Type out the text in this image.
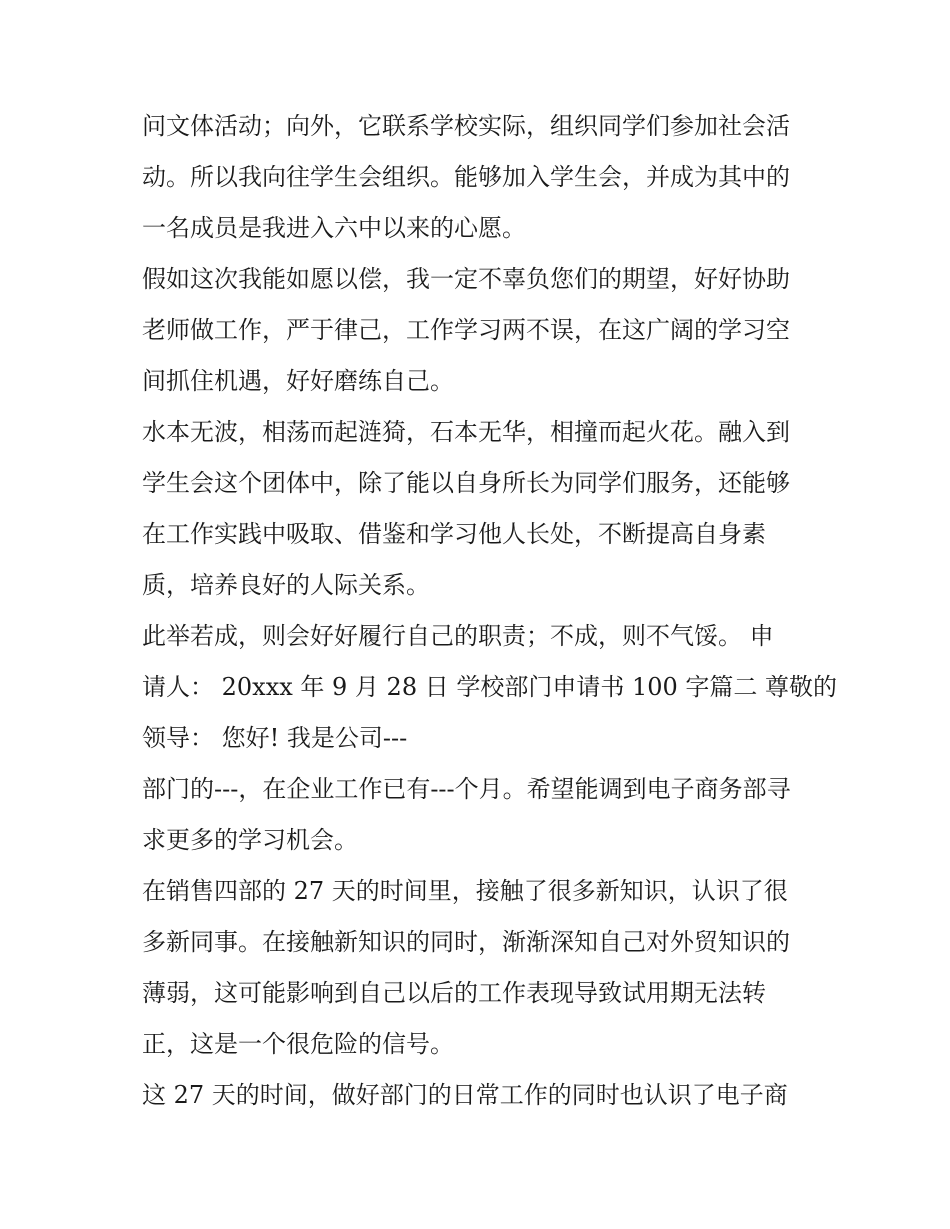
问文体活动；向外，它联系学校实际，组织同学们参加社会活
动。所以我向往学生会组织。能够加入学生会，并成为其中的
一名成员是我进入六中以来的心愿。
假如这次我能如愿以偿，我一定不辜负您们的期望，好好协助
老师做工作，严于律己，工作学习两不误，在这广阔的学习空
间抓住机遇，好好磨练自己。
水本无波，相荡而起涟猗，石本无华，相撞而起火花。融入到
学生会这个团体中，除了能以自身所长为同学们服务，还能够
在工作实践中吸取、借鉴和学习他人长处，不断提高自身素
质，培养良好的人际关系。
此举若成，则会好好履行自己的职责；不成，则不气馁。 申
请人： 20xxx 年 9 月 28 日 学校部门申请书 100 字篇二 尊敬的
领导： 您好! 我是公司---
部门的---，在企业工作已有---个月。希望能调到电子商务部寻
求更多的学习机会。
在销售四部的 27 天的时间里，接触了很多新知识，认识了很
多新同事。在接触新知识的同时，渐渐深知自己对外贸知识的
薄弱，这可能影响到自己以后的工作表现导致试用期无法转
正，这是一个很危险的信号。
这 27 天的时间，做好部门的日常工作的同时也认识了电子商
